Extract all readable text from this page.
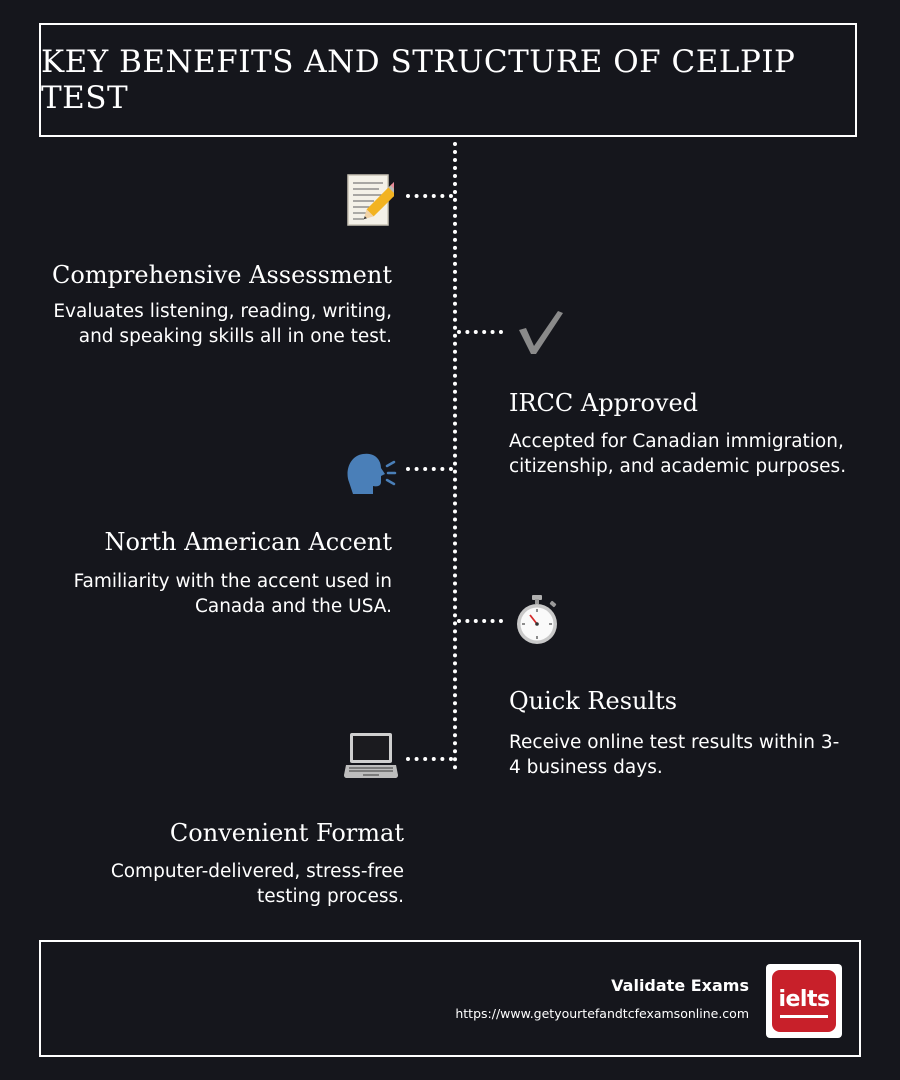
KEY BENEFITS AND STRUCTURE OF CELPIP TEST
Comprehensive Assessment

Evaluates listening, reading, writing,
and speaking skills all in one test.

IRCC Approved

Accepted for Canadian immigration,
citizenship, and academic purposes.

North American Accent

Familiarity with the accent used in
Canada and the USA.

Quick Results

Receive online test results within 3-
4 business days.

Convenient Format

Computer-delivered, stress-free
testing process.

Validate Exams
https://www.getyourtefandtcfexamsonline.com
ielts
